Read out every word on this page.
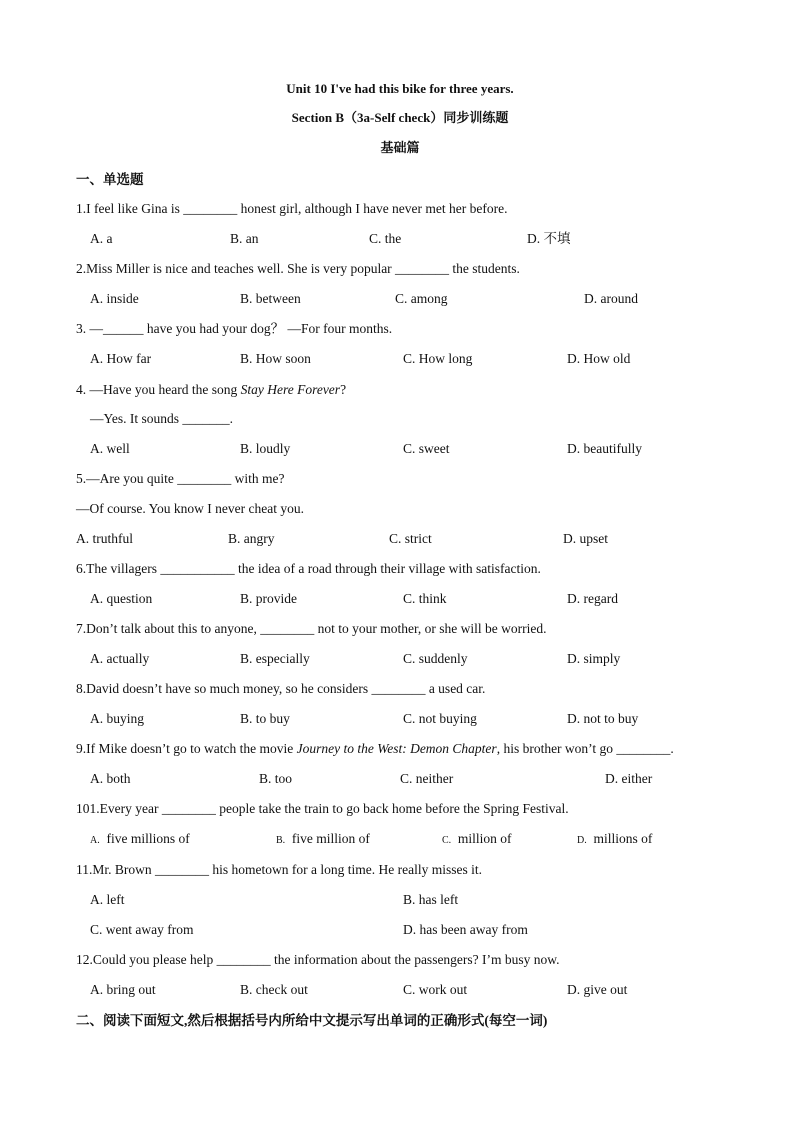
Unit 10 I've had this bike for three years.
Section B（3a-Self check）同步训练题
基础篇
一、单选题
1.I feel like Gina is ________ honest girl, although I have never met her before.
A. a	B. an	C. the	D. 不填
2.Miss Miller is nice and teaches well. She is very popular ________ the students.
A. inside	B. between	C. among	D. around
3. —______ have you had your dog？ —For four months.
A. How far	B. How soon	C. How long	D. How old
4. —Have you heard the song Stay Here Forever?
—Yes. It sounds _______.
A. well	B. loudly	C. sweet	D. beautifully
5.—Are you quite ________ with me?
—Of course. You know I never cheat you.
A. truthful	B. angry	C. strict	D. upset
6.The villagers ___________ the idea of a road through their village with satisfaction.
A. question	B. provide	C. think	D. regard
7.Don’t talk about this to anyone, ________ not to your mother, or she will be worried.
A. actually	B. especially	C. suddenly	D. simply
8.David doesn’t have so much money, so he considers ________ a used car.
A. buying	B. to buy	C. not buying	D. not to buy
9.If Mike doesn’t go to watch the movie Journey to the West: Demon Chapter, his brother won’t go ________.
A. both	B. too	C. neither	D. either
101.Every year ________ people take the train to go back home before the Spring Festival.
A. five millions of	B. five million of	C. million of	D. millions of
11.Mr. Brown ________ his hometown for a long time. He really misses it.
A. left	B. has left
C. went away from	D. has been away from
12.Could you please help ________ the information about the passengers? I’m busy now.
A. bring out	B. check out	C. work out	D. give out
二、阅读下面短文,然后根据括号内所给中文提示写出单词的正确形式(每空一词)
